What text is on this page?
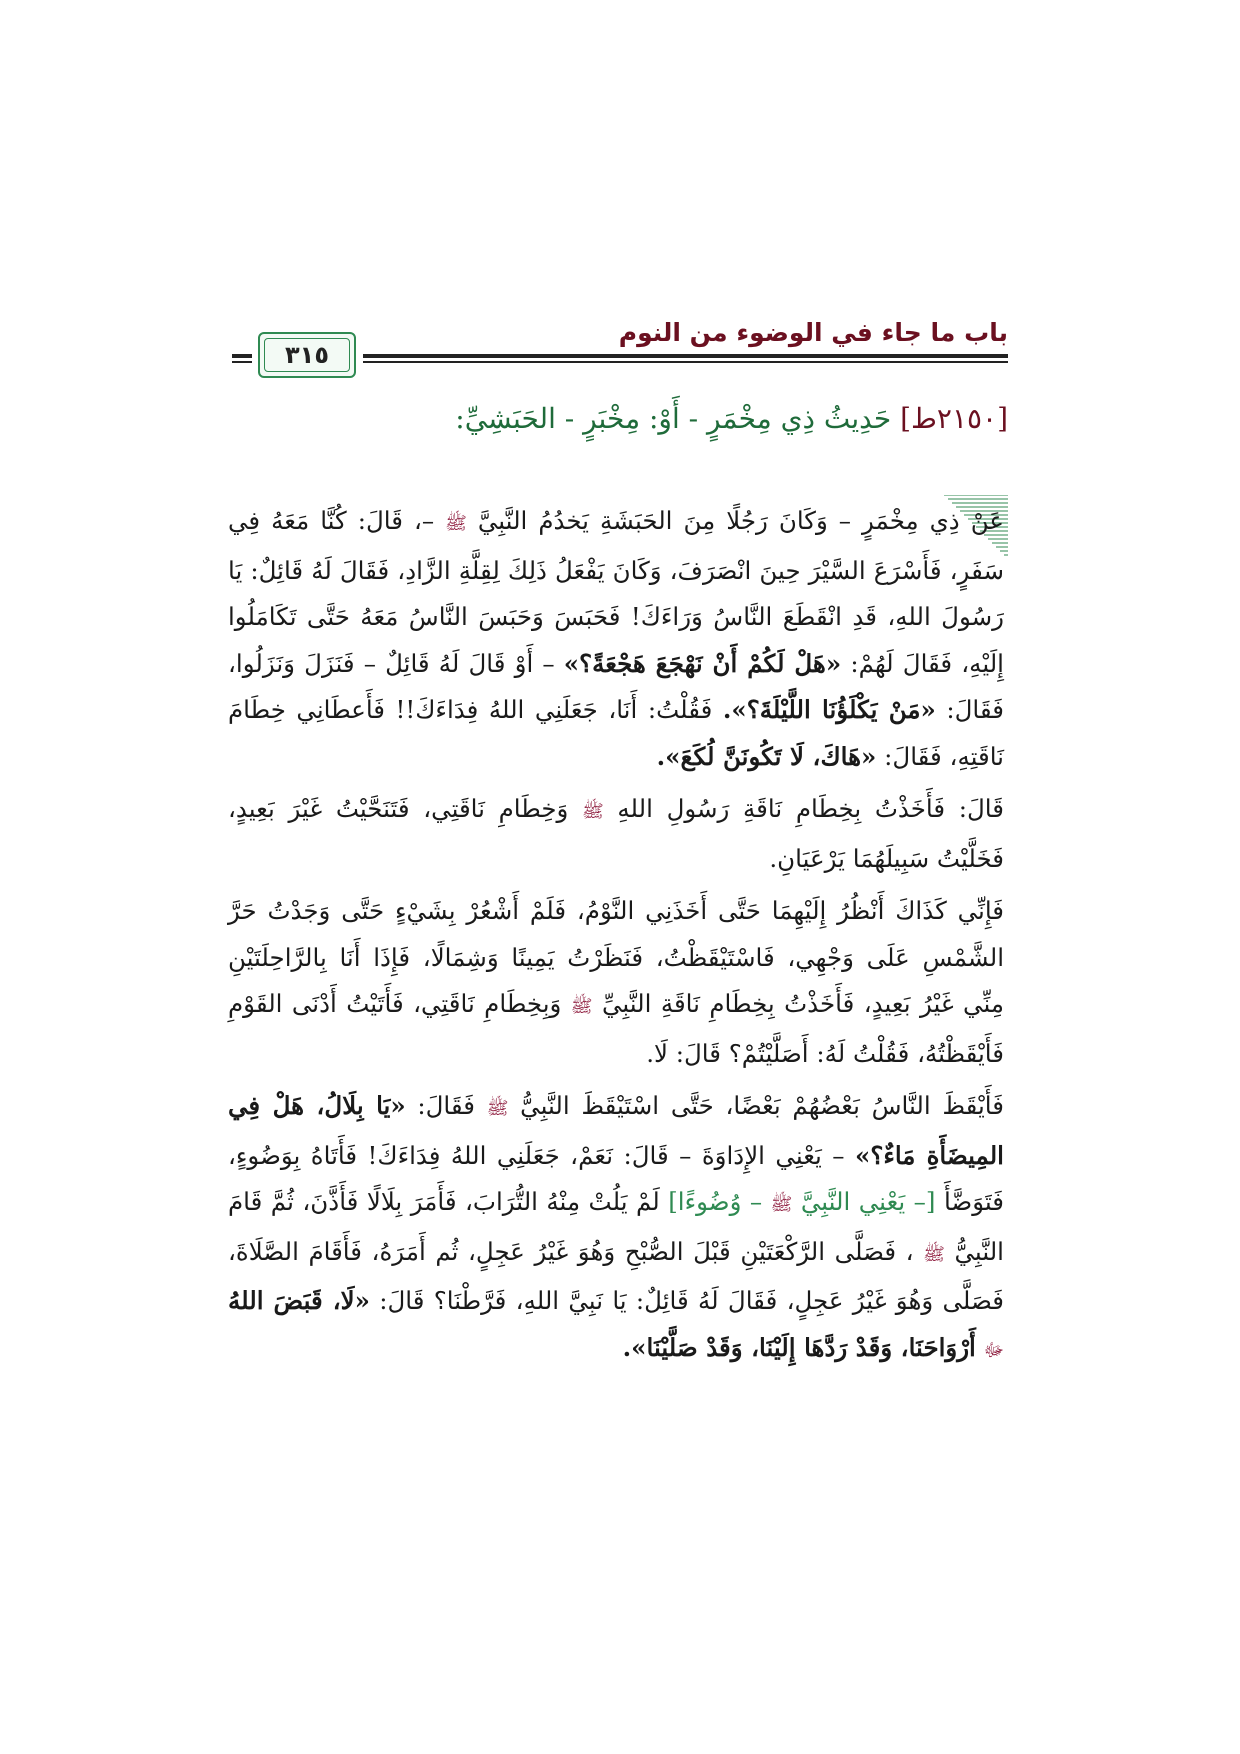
باب ما جاء في الوضوء من النوم
٣١٥
[٢١٥٠ط] حَدِيثُ ذِي مِخْمَرٍ - أَوْ: مِخْبَرٍ - الحَبَشِيِّ:

عَنْ ذِي مِخْمَرٍ – وَكَانَ رَجُلًا مِنَ الحَبَشَةِ يَخدُمُ النَّبِيَّ ﷺ –، قَالَ: كُنَّا مَعَهُ فِي سَفَرٍ، فَأَسْرَعَ السَّيْرَ حِينَ انْصَرَفَ، وَكَانَ يَفْعَلُ ذَلِكَ لِقِلَّةِ الزَّادِ، فَقَالَ لَهُ قَائِلٌ: يَا رَسُولَ اللهِ، قَدِ انْقَطَعَ النَّاسُ وَرَاءَكَ! فَحَبَسَ وَحَبَسَ النَّاسُ مَعَهُ حَتَّى تَكَامَلُوا إِلَيْهِ، فَقَالَ لَهُمْ: «هَلْ لَكُمْ أَنْ نَهْجَعَ هَجْعَةً؟» – أَوْ قَالَ لَهُ قَائِلٌ – فَنَزَلَ وَنَزَلُوا، فَقَالَ: «مَنْ يَكْلَؤُنَا اللَّيْلَةَ؟». فَقُلْتُ: أَنَا، جَعَلَنِي اللهُ فِدَاءَكَ!! فَأَعطَانِي خِطَامَ نَاقَتِهِ، فَقَالَ: «هَاكَ، لَا تَكُونَنَّ لُكَعَ».

قَالَ: فَأَخَذْتُ بِخِطَامِ نَاقَةِ رَسُولِ اللهِ ﷺ وَخِطَامِ نَاقَتِي، فَتَنَحَّيْتُ غَيْرَ بَعِيدٍ، فَخَلَّيْتُ سَبِيلَهُمَا يَرْعَيَانِ.

فَإِنِّي كَذَاكَ أَنْظُرُ إِلَيْهِمَا حَتَّى أَخَذَنِي النَّوْمُ، فَلَمْ أَشْعُرْ بِشَيْءٍ حَتَّى وَجَدْتُ حَرَّ الشَّمْسِ عَلَى وَجْهِي، فَاسْتَيْقَظْتُ، فَنَظَرْتُ يَمِينًا وَشِمَالًا، فَإِذَا أَنَا بِالرَّاحِلَتَيْنِ مِنِّي غَيْرُ بَعِيدٍ، فَأَخَذْتُ بِخِطَامِ نَاقَةِ النَّبِيِّ ﷺ وَبِخِطَامِ نَاقَتِي، فَأَتَيْتُ أَدْنَى القَوْمِ فَأَيْقَظْتُهُ، فَقُلْتُ لَهُ: أَصَلَّيْتُمْ؟ قَالَ: لَا.

فَأَيْقَظَ النَّاسُ بَعْضُهُمْ بَعْضًا، حَتَّى اسْتَيْقَظَ النَّبِيُّ ﷺ فَقَالَ: «يَا بِلَالُ، هَلْ فِي المِيضَأَةِ مَاءٌ؟» – يَعْنِي الإِدَاوَةَ – قَالَ: نَعَمْ، جَعَلَنِي اللهُ فِدَاءَكَ! فَأَتَاهُ بِوَضُوءٍ، فَتَوَضَّأَ [– يَعْنِي النَّبِيَّ ﷺ – وُضُوءًا] لَمْ يَلُتْ مِنْهُ التُّرَابَ، فَأَمَرَ بِلَالًا فَأَذَّنَ، ثُمَّ قَامَ النَّبِيُّ ﷺ ، فَصَلَّى الرَّكْعَتَيْنِ قَبْلَ الصُّبْحِ وَهُوَ غَيْرُ عَجِلٍ، ثُم أَمَرَهُ، فَأَقَامَ الصَّلَاةَ، فَصَلَّى وَهُوَ غَيْرُ عَجِلٍ، فَقَالَ لَهُ قَائِلٌ: يَا نَبِيَّ اللهِ، فَرَّطْنَا؟ قَالَ: «لَا، قَبَضَ اللهُ ﷻ أَرْوَاحَنَا، وَقَدْ رَدَّهَا إِلَيْنَا، وَقَدْ صَلَّيْنَا».
